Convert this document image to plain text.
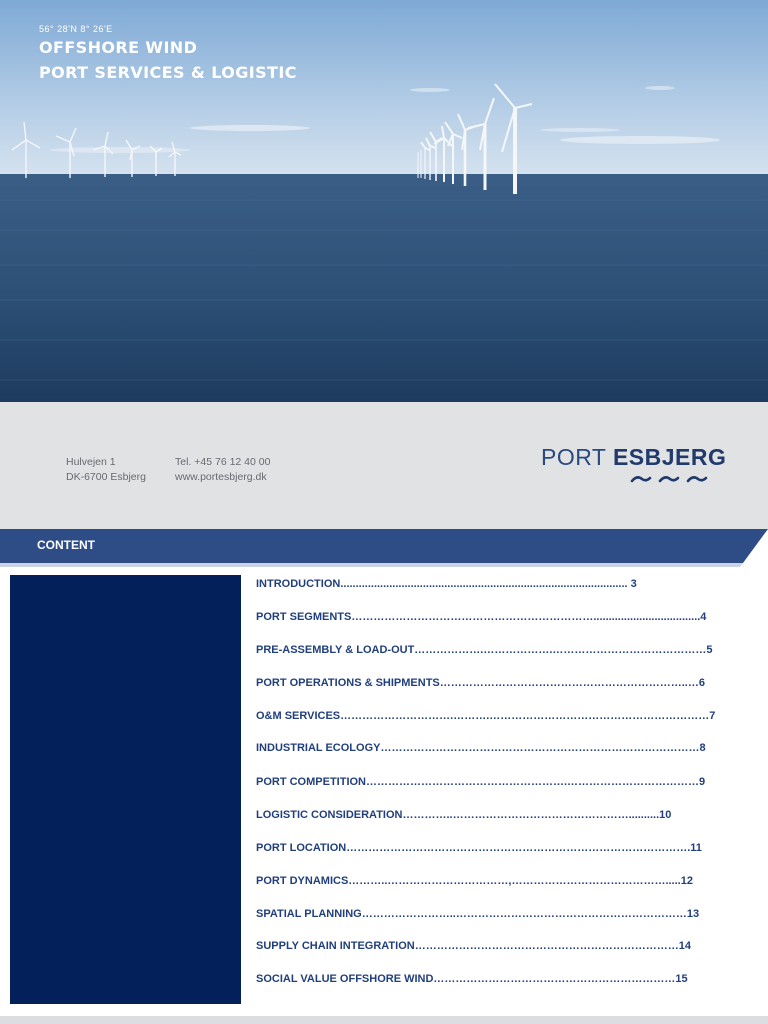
56° 28'N 8° 26'E
OFFSHORE WIND
PORT SERVICES & LOGISTIC
Hulvejen 1
DK-6700 Esbjerg
Tel. +45 76 12 40 00
www.portesbjerg.dk
PORT ESBJERG
CONTENT
INTRODUCTION.............................................................................................. 3
PORT SEGMENTS…………………………………………………………...................................4
PRE-ASSEMBLY & LOAD-OUT……………….……………….……………………………………5
PORT OPERATIONS & SHIPMENTS…………………………………………………………..…6
O&M SERVICES………………………….……….……………………………………………………7
INDUSTRIAL ECOLOGY……………………………………………………………………………8
PORT COMPETITION……………………………………………….………………………………9
LOGISTIC CONSIDERATION…………..…………………………………………..........10
PORT LOCATION………………………………………………………………………………….11
PORT DYNAMICS………..……………………………,…………………………………….....12
SPATIAL PLANNING……………………..………………………………………………………13
SUPPLY CHAIN INTEGRATION………………………………………………………………14
SOCIAL VALUE OFFSHORE WIND…………………………………………………………15
